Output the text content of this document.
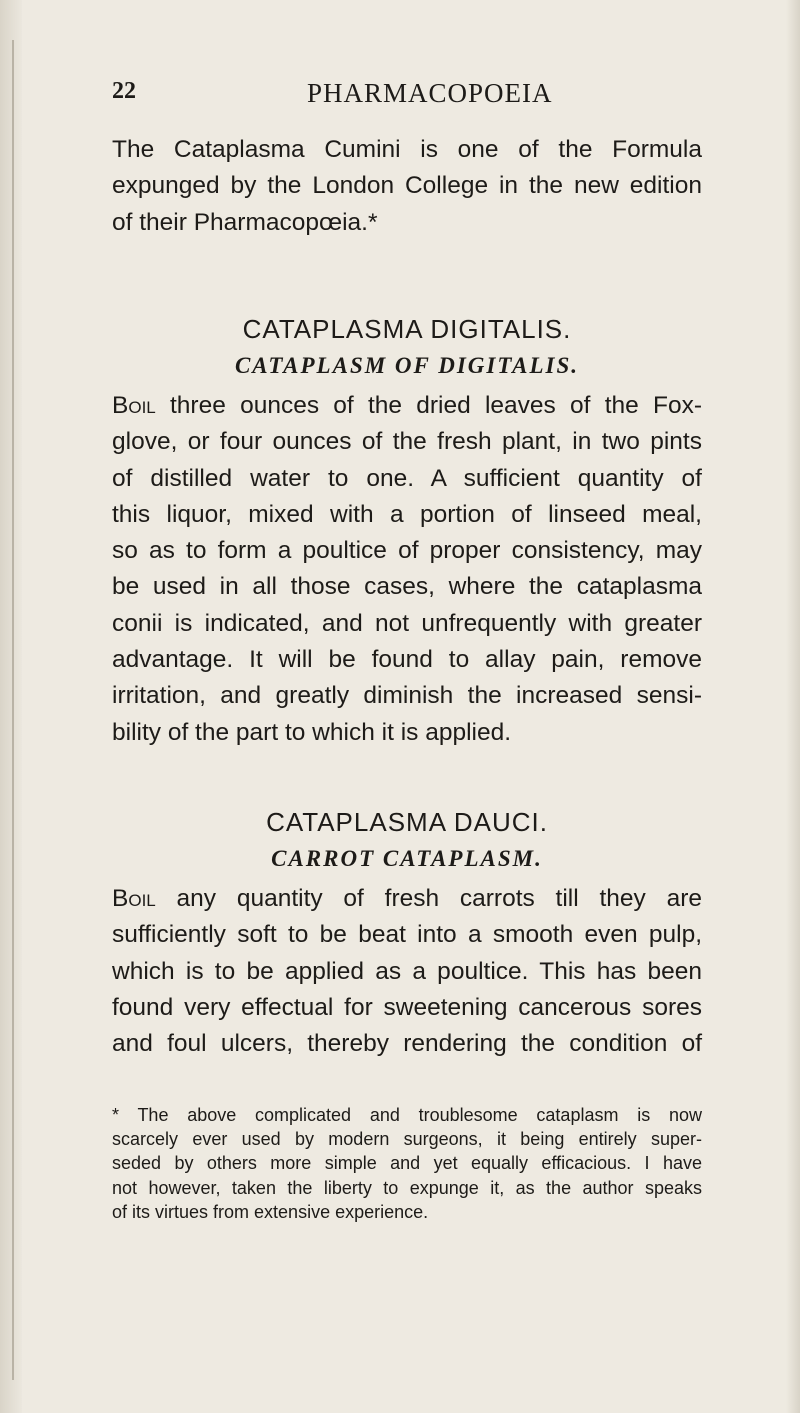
22	PHARMACOPOEIA
The Cataplasma Cumini is one of the Formula
expunged by the London College in the new edition
of their Pharmacopœia.*
CATAPLASMA DIGITALIS.
CATAPLASM OF DIGITALIS.
Boil three ounces of the dried leaves of the Fox-
glove, or four ounces of the fresh plant, in two pints
of distilled water to one. A sufficient quantity of
this liquor, mixed with a portion of linseed meal,
so as to form a poultice of proper consistency, may
be used in all those cases, where the cataplasma
conii is indicated, and not unfrequently with greater
advantage. It will be found to allay pain, remove
irritation, and greatly diminish the increased sensi-
bility of the part to which it is applied.
CATAPLASMA DAUCI.
CARROT CATAPLASM.
Boil any quantity of fresh carrots till they are
sufficiently soft to be beat into a smooth even pulp,
which is to be applied as a poultice. This has been
found very effectual for sweetening cancerous sores
and foul ulcers, thereby rendering the condition of
* The above complicated and troublesome cataplasm is now
scarcely ever used by modern surgeons, it being entirely super-
seded by others more simple and yet equally efficacious. I have
not however, taken the liberty to expunge it, as the author speaks
of its virtues from extensive experience.
